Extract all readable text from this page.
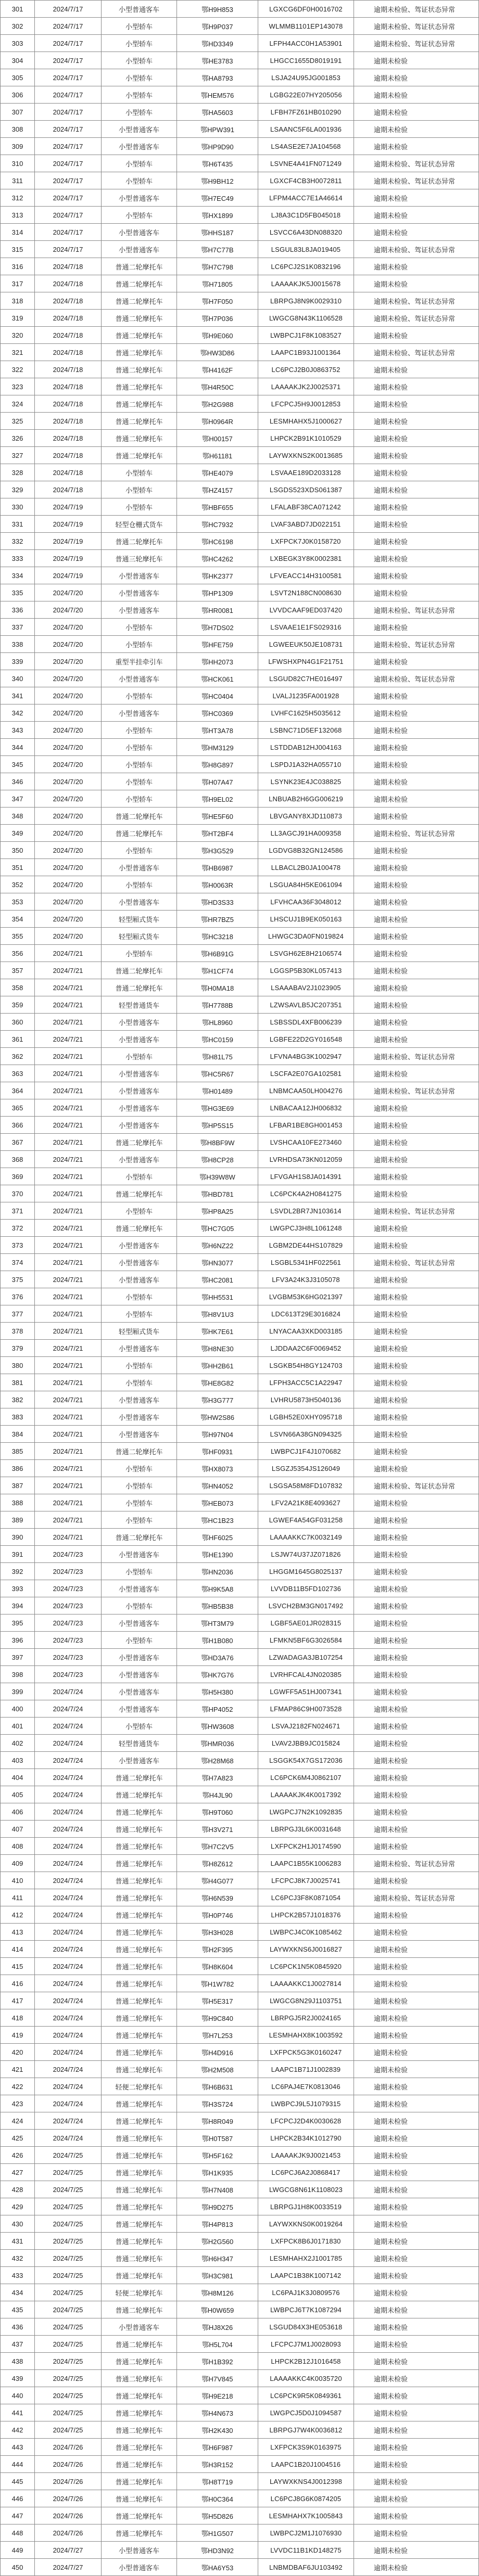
301	2024/7/17	小型普通客车	鄂H9H853	LGXCG6DF0H0016702	逾期未检验、驾证状态异常
302	2024/7/17	小型轿车	鄂H9P037	WLMMB1101EP143078	逾期未检验、驾证状态异常
303	2024/7/17	小型轿车	鄂HD3349	LFPH4ACC0H1A53901	逾期未检验、驾证状态异常
304	2024/7/17	小型轿车	鄂HE3783	LHGCC1655D8019191	逾期未检验
305	2024/7/17	小型轿车	鄂HA8793	LSJA24U95JG001853	逾期未检验
306	2024/7/17	小型轿车	鄂HEM576	LGBG22E07HY205056	逾期未检验
307	2024/7/17	小型轿车	鄂HA5603	LFBH7FZ61HB010290	逾期未检验
308	2024/7/17	小型普通客车	鄂HPW391	LSAANC5F6LA001936	逾期未检验
309	2024/7/17	小型普通客车	鄂HP9D90	LS4ASE2E7JA104568	逾期未检验
310	2024/7/17	小型轿车	鄂H6T435	LSVNE4A41FN071249	逾期未检验、驾证状态异常
311	2024/7/17	小型轿车	鄂H9BH12	LGXCF4CB3H0072811	逾期未检验、驾证状态异常
312	2024/7/17	小型普通客车	鄂H7EC49	LFPM4ACC7E1A46614	逾期未检验
313	2024/7/17	小型轿车	鄂HX1899	LJ8A3C1D5FB045018	逾期未检验
314	2024/7/17	小型普通客车	鄂HHS187	LSVCC6A43DN088320	逾期未检验
315	2024/7/17	小型普通客车	鄂H7C77B	LSGUL83L8JA019405	逾期未检验、驾证状态异常
316	2024/7/18	普通二轮摩托车	鄂H7C798	LC6PCJ2S1K0832196	逾期未检验
317	2024/7/18	普通二轮摩托车	鄂H71805	LAAAAKJK5J0015678	逾期未检验
318	2024/7/18	普通二轮摩托车	鄂H7F050	LBRPGJ8N9K0029310	逾期未检验、驾证状态异常
319	2024/7/18	普通二轮摩托车	鄂H7P036	LWGCG8N43K1106528	逾期未检验、驾证状态异常
320	2024/7/18	普通二轮摩托车	鄂H9E060	LWBPCJ1F8K1083527	逾期未检验
321	2024/7/18	普通二轮摩托车	鄂HW3D86	LAAPC1B93J1001364	逾期未检验、驾证状态异常
322	2024/7/18	普通二轮摩托车	鄂H4162F	LC6PCJ2B0J0863752	逾期未检验
323	2024/7/18	普通二轮摩托车	鄂H4R50C	LAAAAKJK2J0025371	逾期未检验
324	2024/7/18	普通二轮摩托车	鄂H2G988	LFCPCJ5H9J0012853	逾期未检验
325	2024/7/18	普通二轮摩托车	鄂H0964R	LESMHAHX5J1000627	逾期未检验
326	2024/7/18	普通二轮摩托车	鄂H00157	LHPCK2B91K1010529	逾期未检验
327	2024/7/18	普通二轮摩托车	鄂H61181	LAYWXKNS2K0013685	逾期未检验
328	2024/7/18	小型轿车	鄂HE4079	LSVAAE189D2033128	逾期未检验
329	2024/7/18	小型轿车	鄂HZ4157	LSGDS523XDS061387	逾期未检验
330	2024/7/19	小型轿车	鄂HBF655	LFALABF38CA071242	逾期未检验
331	2024/7/19	轻型仓栅式货车	鄂HC7932	LVAF3ABD7JD022151	逾期未检验
332	2024/7/19	普通二轮摩托车	鄂HC6198	LXFPCK7J0K0158720	逾期未检验
333	2024/7/19	普通三轮摩托车	鄂HC4262	LXBEGK3Y8K0002381	逾期未检验
334	2024/7/19	小型普通客车	鄂HK2377	LFVEACC14H3100581	逾期未检验
335	2024/7/20	小型普通客车	鄂HP1309	LSVT2N188CN008630	逾期未检验
336	2024/7/20	小型普通客车	鄂HR0081	LVVDCAAF9ED037420	逾期未检验、驾证状态异常
337	2024/7/20	小型轿车	鄂H7DS02	LSVAAE1E1FS029316	逾期未检验
338	2024/7/20	小型轿车	鄂HFE759	LGWEEUK50JE108731	逾期未检验、驾证状态异常
339	2024/7/20	重型半挂牵引车	鄂HH2073	LFWSHXPN4G1F21751	逾期未检验
340	2024/7/20	小型普通客车	鄂HCK061	LSGUD82C7HE016497	逾期未检验、驾证状态异常
341	2024/7/20	小型轿车	鄂HC0404	LVALJ1235FA001928	逾期未检验
342	2024/7/20	小型普通客车	鄂HC0369	LVHFC1625H5035612	逾期未检验
343	2024/7/20	小型轿车	鄂HT3A78	LSBNC71D5EF132068	逾期未检验
344	2024/7/20	小型轿车	鄂HM3129	LSTDDAB12HJ004163	逾期未检验
345	2024/7/20	小型轿车	鄂H8G897	LSPDJ1A32HA055710	逾期未检验
346	2024/7/20	小型轿车	鄂H07A47	LSYNK23E4JC038825	逾期未检验
347	2024/7/20	小型轿车	鄂H9EL02	LNBUAB2H6GG006219	逾期未检验
348	2024/7/20	普通二轮摩托车	鄂HE5F60	LBVGANY8XJD110873	逾期未检验
349	2024/7/20	普通二轮摩托车	鄂HT2BF4	LL3AGCJ91HA009358	逾期未检验、驾证状态异常
350	2024/7/20	小型轿车	鄂H3G529	LGDVG8B32GN124586	逾期未检验
351	2024/7/20	小型普通客车	鄂HB6987	LLBACL2B0JA100478	逾期未检验
352	2024/7/20	小型轿车	鄂H0063R	LSGUA84H5KE061094	逾期未检验
353	2024/7/20	小型普通客车	鄂HD3S33	LFVHCAA36F3048012	逾期未检验
354	2024/7/20	轻型厢式货车	鄂HR7BZ5	LHSCUJ1B9EK050163	逾期未检验
355	2024/7/20	轻型厢式货车	鄂HC3218	LHWGC3DA0FN019824	逾期未检验
356	2024/7/21	小型轿车	鄂H6B91G	LSVGH62E8H2106574	逾期未检验
357	2024/7/21	普通二轮摩托车	鄂H1CF74	LGGSP5B30KL057413	逾期未检验
358	2024/7/21	普通二轮摩托车	鄂H0MA18	LSAAABAV2J1023905	逾期未检验
359	2024/7/21	轻型普通货车	鄂H7788B	LZWSAVLB5JC207351	逾期未检验
360	2024/7/21	小型普通客车	鄂HL8960	LSBSSDL4XFB006239	逾期未检验
361	2024/7/21	小型普通客车	鄂HC0159	LGBFE22D2GY016548	逾期未检验
362	2024/7/21	小型轿车	鄂H81L75	LFVNA4BG3K1002947	逾期未检验、驾证状态异常
363	2024/7/21	小型普通客车	鄂HC5R67	LSCFA2E07GA102581	逾期未检验
364	2024/7/21	小型普通客车	鄂H01489	LNBMCAA50LH004276	逾期未检验、驾证状态异常
365	2024/7/21	小型普通客车	鄂HG3E69	LNBACAA12JH006832	逾期未检验
366	2024/7/21	小型普通客车	鄂HP5S15	LFBAR1BE8GH001453	逾期未检验
367	2024/7/21	普通二轮摩托车	鄂H8BF9W	LVSHCAA10FE273460	逾期未检验
368	2024/7/21	小型普通客车	鄂H8CP28	LVRHDSA73KN012059	逾期未检验
369	2024/7/21	小型轿车	鄂H39W8W	LFVGAH1S8JA014391	逾期未检验
370	2024/7/21	普通二轮摩托车	鄂HBD781	LC6PCK4A2H0841275	逾期未检验
371	2024/7/21	小型轿车	鄂HP8A25	LSVDL2BR7JN103614	逾期未检验、驾证状态异常
372	2024/7/21	普通二轮摩托车	鄂HC7G05	LWGPCJ3H8L1061248	逾期未检验
373	2024/7/21	小型普通客车	鄂H6NZ22	LGBM2DE44HS107829	逾期未检验
374	2024/7/21	小型普通客车	鄂HN3077	LSGBL5341HF022561	逾期未检验、驾证状态异常
375	2024/7/21	小型普通客车	鄂HC2081	LFV3A24K3J3105078	逾期未检验
376	2024/7/21	小型轿车	鄂HH5531	LVGBM53K6HG021397	逾期未检验
377	2024/7/21	小型轿车	鄂H8V1U3	LDC613T29E3016824	逾期未检验
378	2024/7/21	轻型厢式货车	鄂HK7E61	LNYACAA3XKD003185	逾期未检验
379	2024/7/21	小型普通客车	鄂H8NE30	LJDDAA2C6F0069452	逾期未检验
380	2024/7/21	小型轿车	鄂HH2B61	LSGKB54H8GY124703	逾期未检验
381	2024/7/21	小型轿车	鄂HE8G82	LFPH3ACC5C1A22947	逾期未检验
382	2024/7/21	小型普通客车	鄂H3G777	LVHRU5873H5040136	逾期未检验
383	2024/7/21	小型普通客车	鄂HW2S86	LGBH52E0XHY095718	逾期未检验
384	2024/7/21	小型普通客车	鄂H97N04	LSVN66A38GN094325	逾期未检验
385	2024/7/21	普通二轮摩托车	鄂HF0931	LWBPCJ1F4J1070682	逾期未检验
386	2024/7/21	小型轿车	鄂HX8073	LSGZJ5354JS126049	逾期未检验
387	2024/7/21	小型轿车	鄂HN4052	LSGSA58M8FD107832	逾期未检验、驾证状态异常
388	2024/7/21	小型轿车	鄂HEB073	LFV2A21K8E4093627	逾期未检验
389	2024/7/21	小型轿车	鄂HC1B23	LGWEF4A54GF031258	逾期未检验
390	2024/7/21	普通二轮摩托车	鄂HF6025	LAAAAKKC7K0032149	逾期未检验
391	2024/7/23	小型普通客车	鄂HE1390	LSJW74U37JZ071826	逾期未检验
392	2024/7/23	小型轿车	鄂HN2036	LHGGM1645G8025137	逾期未检验
393	2024/7/23	小型普通客车	鄂H9K5A8	LVVDB11B5FD102736	逾期未检验
394	2024/7/23	小型轿车	鄂HB5B38	LSVCH2BM3GN017492	逾期未检验
395	2024/7/23	小型普通客车	鄂HT3M79	LGBF5AE01JR028315	逾期未检验
396	2024/7/23	小型轿车	鄂H1B080	LFMKN5BF6G3026584	逾期未检验
397	2024/7/23	小型普通客车	鄂HD3A76	LZWADAGA3JB107254	逾期未检验
398	2024/7/23	小型普通客车	鄂HK7G76	LVRHFCAL4JN020385	逾期未检验
399	2024/7/24	小型普通客车	鄂H5H380	LGWFF5A51HJ007341	逾期未检验
400	2024/7/24	小型普通客车	鄂HP4052	LFMAP86C9H0073528	逾期未检验
401	2024/7/24	小型轿车	鄂HW3608	LSVAJ2182FN024671	逾期未检验
402	2024/7/24	轻型普通货车	鄂HMR036	LVAV2JBB9JC015824	逾期未检验
403	2024/7/24	小型普通客车	鄂H28M68	LSGGK54X7GS172036	逾期未检验
404	2024/7/24	普通二轮摩托车	鄂H7A823	LC6PCK6M4J0862107	逾期未检验
405	2024/7/24	普通二轮摩托车	鄂H4JL90	LAAAAKJK4K0017392	逾期未检验
406	2024/7/24	普通二轮摩托车	鄂H9T060	LWGPCJ7N2K1092835	逾期未检验
407	2024/7/24	普通二轮摩托车	鄂H3V271	LBRPGJ3L6K0031648	逾期未检验
408	2024/7/24	普通二轮摩托车	鄂H7C2V5	LXFPCK2H1J0174590	逾期未检验
409	2024/7/24	普通二轮摩托车	鄂H8Z612	LAAPC1B55K1006283	逾期未检验、驾证状态异常
410	2024/7/24	普通二轮摩托车	鄂H4G077	LFCPCJ8K7J0025741	逾期未检验
411	2024/7/24	普通二轮摩托车	鄂H6N539	LC6PCJ3F8K0871054	逾期未检验、驾证状态异常
412	2024/7/24	普通二轮摩托车	鄂H0P746	LHPCK2B57J1018376	逾期未检验
413	2024/7/24	普通二轮摩托车	鄂H3H028	LWBPCJ4C0K1085462	逾期未检验
414	2024/7/24	普通二轮摩托车	鄂H2F395	LAYWXKNS6J0016827	逾期未检验
415	2024/7/24	普通二轮摩托车	鄂H8K604	LC6PCK1N5K0845920	逾期未检验
416	2024/7/24	普通二轮摩托车	鄂H1W782	LAAAAKKC1J0027814	逾期未检验
417	2024/7/24	普通二轮摩托车	鄂H5E317	LWGCG8N29J1103751	逾期未检验
418	2024/7/24	普通二轮摩托车	鄂H9C840	LBRPGJ5R2J0024165	逾期未检验
419	2024/7/24	普通二轮摩托车	鄂H7L253	LESMHAHX8K1003592	逾期未检验
420	2024/7/24	普通二轮摩托车	鄂H4D916	LXFPCK5G3K0160247	逾期未检验
421	2024/7/24	普通二轮摩托车	鄂H2M508	LAAPC1B71J1002839	逾期未检验
422	2024/7/24	轻便二轮摩托车	鄂H6B631	LC6PAJ4E7K0813046	逾期未检验
423	2024/7/24	普通二轮摩托车	鄂H3S724	LWBPCJ9L5J1079315	逾期未检验
424	2024/7/24	普通二轮摩托车	鄂H8R049	LFCPCJ2D4K0030628	逾期未检验
425	2024/7/24	普通二轮摩托车	鄂H0T587	LHPCK2B34K1012790	逾期未检验
426	2024/7/25	普通二轮摩托车	鄂H5F162	LAAAAKJK9J0021453	逾期未检验
427	2024/7/25	普通二轮摩托车	鄂H1K935	LC6PCJ6A2J0868417	逾期未检验
428	2024/7/25	普通二轮摩托车	鄂H7N408	LWGCG8N61K1108023	逾期未检验
429	2024/7/25	普通二轮摩托车	鄂H9D275	LBRPGJ1H8K0033519	逾期未检验
430	2024/7/25	普通二轮摩托车	鄂H4P813	LAYWXKNS0K0019264	逾期未检验
431	2024/7/25	普通二轮摩托车	鄂H2G560	LXFPCK8B6J0171830	逾期未检验
432	2024/7/25	普通二轮摩托车	鄂H6H347	LESMHAHX2J1001785	逾期未检验
433	2024/7/25	普通二轮摩托车	鄂H3C981	LAAPC1B38K1007142	逾期未检验
434	2024/7/25	轻便二轮摩托车	鄂H8M126	LC6PAJ1K3J0809576	逾期未检验
435	2024/7/25	普通二轮摩托车	鄂H0W659	LWBPCJ6T7K1087294	逾期未检验
436	2024/7/25	小型普通客车	鄂HJ8X26	LSGUD84X3HE053618	逾期未检验
437	2024/7/25	普通二轮摩托车	鄂H5L704	LFCPCJ7M1J0028093	逾期未检验
438	2024/7/25	普通二轮摩托车	鄂H1B392	LHPCK2B12J1016458	逾期未检验
439	2024/7/25	普通二轮摩托车	鄂H7V845	LAAAAKKC4K0035720	逾期未检验
440	2024/7/25	普通二轮摩托车	鄂H9E218	LC6PCK9R5K0849361	逾期未检验
441	2024/7/25	普通二轮摩托车	鄂H4N673	LWGPCJ5D0J1094587	逾期未检验
442	2024/7/25	普通二轮摩托车	鄂H2K430	LBRPGJ7W4K0036812	逾期未检验
443	2024/7/26	普通二轮摩托车	鄂H6F987	LXFPCK3S9K0163975	逾期未检验
444	2024/7/26	普通二轮摩托车	鄂H3R152	LAAPC1B20J1004516	逾期未检验
445	2024/7/26	普通二轮摩托车	鄂H8T719	LAYWXKNS4J0012398	逾期未检验
446	2024/7/26	普通二轮摩托车	鄂H0C364	LC6PCJ8G6K0874205	逾期未检验
447	2024/7/26	普通二轮摩托车	鄂H5D826	LESMHAHX7K1005843	逾期未检验
448	2024/7/26	普通二轮摩托车	鄂H1G507	LWBPCJ2M1J1076930	逾期未检验
449	2024/7/27	小型普通客车	鄂HD3N92	LVVDC11B1KD148275	逾期未检验
450	2024/7/27	小型普通客车	鄂HA6Y53	LNBMDBAF6JU103492	逾期未检验
